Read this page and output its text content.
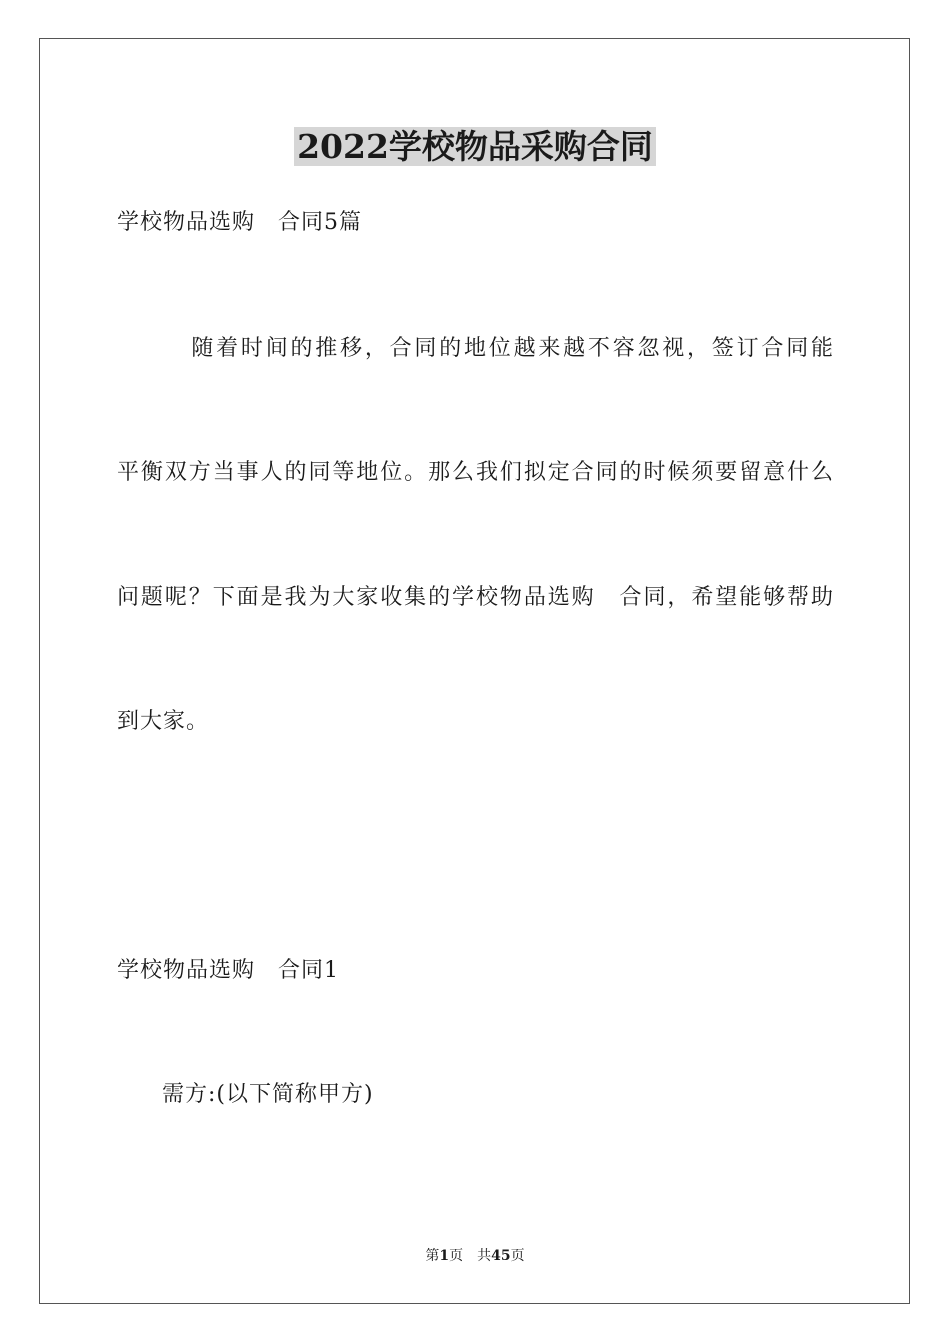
2022学校物品采购合同

学校物品选购　合同5篇

　　　随着时间的推移，合同的地位越来越不容忽视，签订合同能

平衡双方当事人的同等地位。那么我们拟定合同的时候须要留意什么

问题呢？下面是我为大家收集的学校物品选购　合同，希望能够帮助

到大家。

学校物品选购　合同1

需方:(以下简称甲方)

第1页　共45页
